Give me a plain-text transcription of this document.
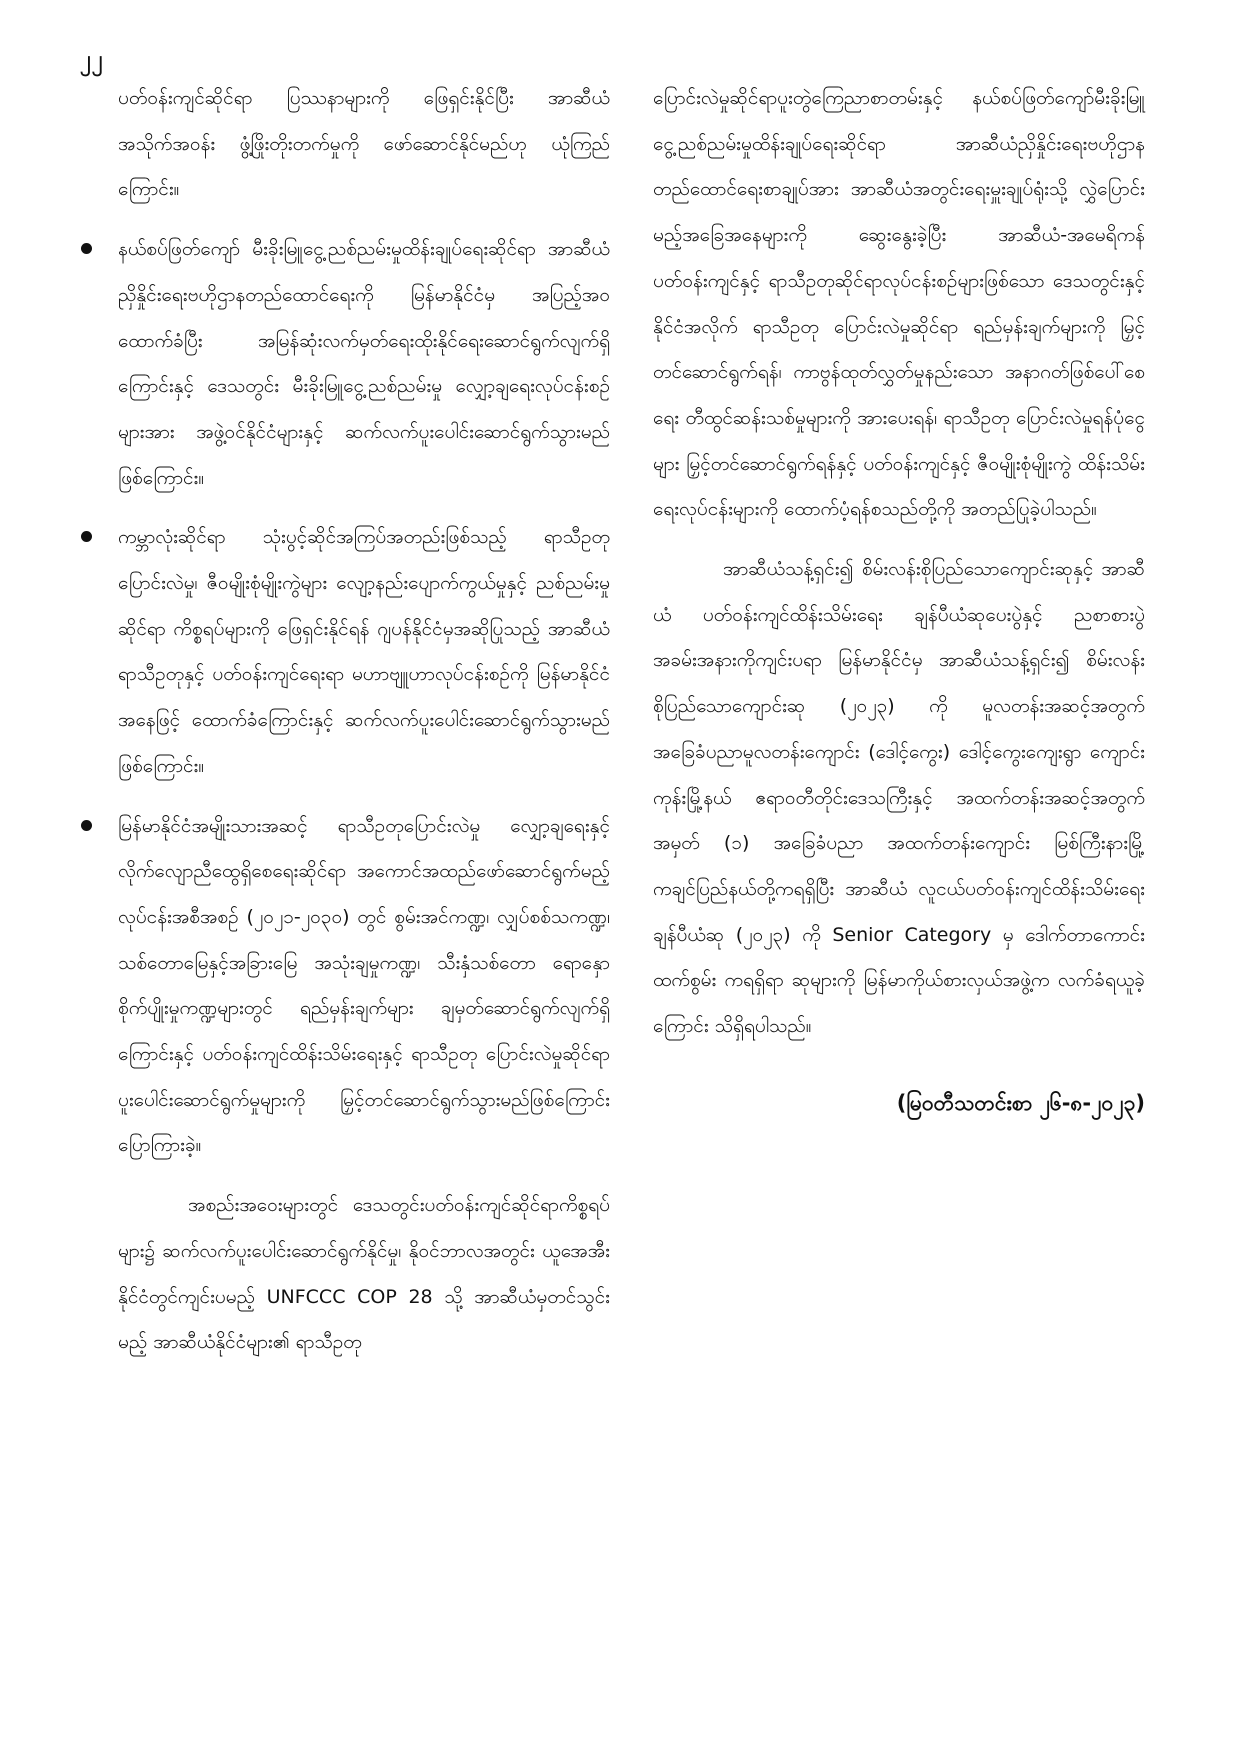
၂၂

ပတ်ဝန်းကျင်ဆိုင်ရာ ပြဿနာများကို ဖြေရှင်းနိုင်ပြီး အာဆီယံအသိုက်အဝန်း ဖွံ့ဖြိုးတိုးတက်မှုကို ဖော်ဆောင်နိုင်မည်ဟု ယုံကြည်ကြောင်း။

နယ်စပ်ဖြတ်ကျော် မီးခိုးမြူငွေ့ညစ်ညမ်းမှုထိန်းချုပ်ရေးဆိုင်ရာ အာဆီယံညှိနှိုင်းရေးဗဟိုဌာနတည်ထောင်ရေးကို မြန်မာနိုင်ငံမှ အပြည့်အဝထောက်ခံပြီး အမြန်ဆုံးလက်မှတ်ရေးထိုးနိုင်ရေးဆောင်ရွက်လျက်ရှိကြောင်းနှင့် ဒေသတွင်း မီးခိုးမြူငွေ့ညစ်ညမ်းမှု လျှော့ချရေးလုပ်ငန်းစဉ်များအား အဖွဲ့ဝင်နိုင်ငံများနှင့် ဆက်လက်ပူးပေါင်းဆောင်ရွက်သွားမည်ဖြစ်ကြောင်း။

ကမ္ဘာလုံးဆိုင်ရာ သုံးပွင့်ဆိုင်အကြပ်အတည်းဖြစ်သည့် ရာသီဥတုပြောင်းလဲမှု၊ ဇီဝမျိုးစုံမျိုးကွဲများ လျော့နည်းပျောက်ကွယ်မှုနှင့် ညစ်ညမ်းမှုဆိုင်ရာ ကိစ္စရပ်များကို ဖြေရှင်းနိုင်ရန် ဂျပန်နိုင်ငံမှအဆိုပြုသည့် အာဆီယံရာသီဥတုနှင့် ပတ်ဝန်းကျင်ရေးရာ မဟာဗျူဟာလုပ်ငန်းစဉ်ကို မြန်မာနိုင်ငံအနေဖြင့် ထောက်ခံကြောင်းနှင့် ဆက်လက်ပူးပေါင်းဆောင်ရွက်သွားမည်ဖြစ်ကြောင်း။

မြန်မာနိုင်ငံအမျိုးသားအဆင့် ရာသီဥတုပြောင်းလဲမှု လျှော့ချရေးနှင့် လိုက်လျောညီထွေရှိစေရေးဆိုင်ရာ အကောင်အထည်ဖော်ဆောင်ရွက်မည့် လုပ်ငန်းအစီအစဉ် (၂၀၂၁-၂၀၃၀) တွင် စွမ်းအင်ကဏ္ဍ၊ လျှပ်စစ်သကဏ္ဍ၊ သစ်တောမြေနှင့်အခြားမြေ အသုံးချမှုကဏ္ဍ၊ သီးနှံသစ်တော ရောနှောစိုက်ပျိုးမှုကဏ္ဍများတွင် ရည်မှန်းချက်များ ချမှတ်ဆောင်ရွက်လျက်ရှိကြောင်းနှင့် ပတ်ဝန်းကျင်ထိန်းသိမ်းရေးနှင့် ရာသီဥတု ပြောင်းလဲမှုဆိုင်ရာပူးပေါင်းဆောင်ရွက်မှုများကို မြှင့်တင်ဆောင်ရွက်သွားမည်ဖြစ်ကြောင်း ပြောကြားခဲ့။

အစည်းအဝေးများတွင် ဒေသတွင်းပတ်ဝန်းကျင်ဆိုင်ရာကိစ္စရပ်များ၌ ဆက်လက်ပူးပေါင်းဆောင်ရွက်နိုင်မှု၊ နိုဝင်ဘာလအတွင်း ယူအေအီးနိုင်ငံတွင်ကျင်းပမည့် UNFCCC COP 28 သို့ အာဆီယံမှတင်သွင်းမည့် အာဆီယံနိုင်ငံများ၏ ရာသီဥတု

ပြောင်းလဲမှုဆိုင်ရာပူးတွဲကြေညာစာတမ်းနှင့် နယ်စပ်ဖြတ်ကျော်မီးခိုးမြူငွေ့ညစ်ညမ်းမှုထိန်းချုပ်ရေးဆိုင်ရာ အာဆီယံညှိနှိုင်းရေးဗဟိုဌာန တည်ထောင်ရေးစာချုပ်အား အာဆီယံအတွင်းရေးမှူးချုပ်ရုံးသို့ လွှဲပြောင်းမည့်အခြေအနေများကို ဆွေးနွေးခဲ့ပြီး အာဆီယံ-အမေရိကန် ပတ်ဝန်းကျင်နှင့် ရာသီဥတုဆိုင်ရာလုပ်ငန်းစဉ်များဖြစ်သော ဒေသတွင်းနှင့်နိုင်ငံအလိုက် ရာသီဥတု ပြောင်းလဲမှုဆိုင်ရာ ရည်မှန်းချက်များကို မြှင့်တင်ဆောင်ရွက်ရန်၊ ကာဗွန်ထုတ်လွှတ်မှုနည်းသော အနာဂတ်ဖြစ်ပေါ်စေရေး တီထွင်ဆန်းသစ်မှုများကို အားပေးရန်၊ ရာသီဥတု ပြောင်းလဲမှုရန်ပုံငွေများ မြှင့်တင်ဆောင်ရွက်ရန်နှင့် ပတ်ဝန်းကျင်နှင့် ဇီဝမျိုးစုံမျိုးကွဲ ထိန်းသိမ်းရေးလုပ်ငန်းများကို ထောက်ပံ့ရန်စသည်တို့ကို အတည်ပြုခဲ့ပါသည်။

အာဆီယံသန့်ရှင်း၍ စိမ်းလန်းစိုပြည်သောကျောင်းဆုနှင့် အာဆီယံ ပတ်ဝန်းကျင်ထိန်းသိမ်းရေး ချန်ပီယံဆုပေးပွဲနှင့် ညစာစားပွဲအခမ်းအနားကိုကျင်းပရာ မြန်မာနိုင်ငံမှ အာဆီယံသန့်ရှင်း၍ စိမ်းလန်းစိုပြည်သောကျောင်းဆု (၂၀၂၃) ကို မူလတန်းအဆင့်အတွက် အခြေခံပညာမူလတန်းကျောင်း (ဒေါင့်ကွေး) ဒေါင့်ကွေးကျေးရွာ ကျောင်းကုန်းမြို့နယ် ဧရာဝတီတိုင်းဒေသကြီးနှင့် အထက်တန်းအဆင့်အတွက် အမှတ် (၁) အခြေခံပညာ အထက်တန်းကျောင်း မြစ်ကြီးနားမြို့ ကချင်ပြည်နယ်တို့ကရရှိပြီး အာဆီယံ လူငယ်ပတ်ဝန်းကျင်ထိန်းသိမ်းရေး ချန်ပီယံဆု (၂၀၂၃) ကို Senior Category မှ ဒေါက်တာကောင်းထက်စွမ်း ကရရှိရာ ဆုများကို မြန်မာကိုယ်စားလှယ်အဖွဲ့က လက်ခံရယူခဲ့ကြောင်း သိရှိရပါသည်။

(မြဝတီသတင်းစာ ၂၆-၈-၂၀၂၃)
